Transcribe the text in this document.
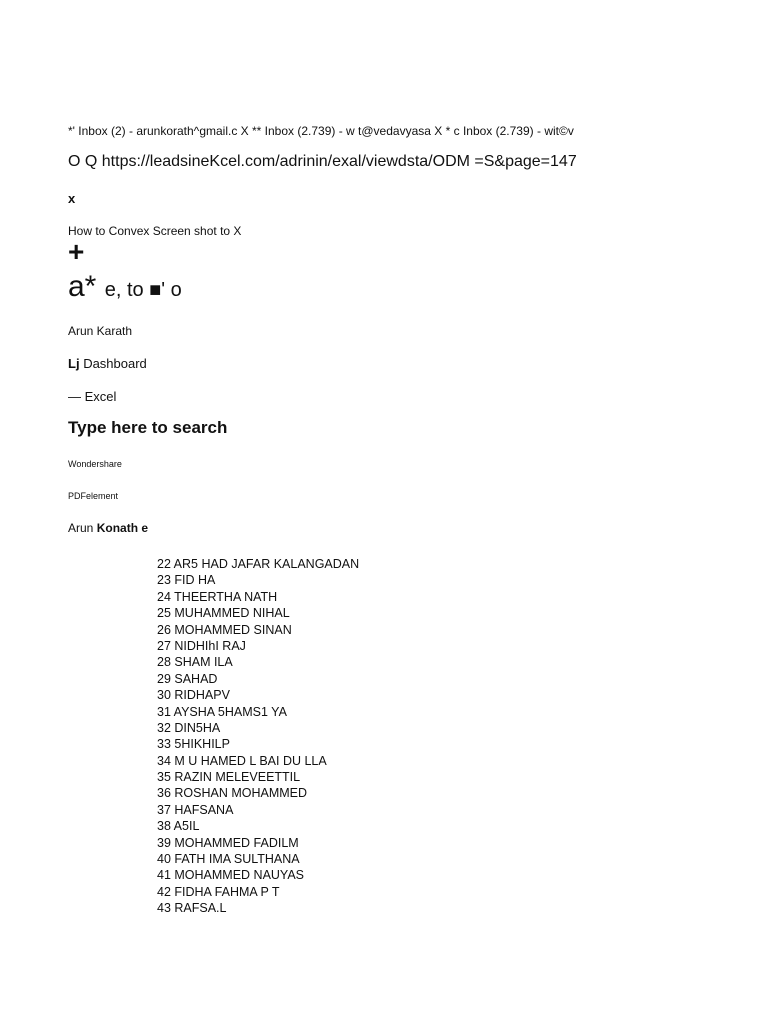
*' Inbox (2) - arunkorath^gmail.c X ** Inbox (2.739) - w t@vedavyasa X * c Inbox (2.739) - wit©v
O Q https://leadsineKcel.com/adrinin/exal/viewdsta/ODM =S&page=147
x
How to Convex Screen shot to X
+
a* e, to ■' o
Arun Karath
Lj Dashboard
— Excel
Type here to search
Wondershare
PDFelement
Arun Konath e
22 AR5 HAD JAFAR KALANGADAN
23 FID HA
24 THEERTHA NATH
25 MUHAMMED NIHAL
26 MOHAMMED SINAN
27 NIDHIhI RAJ
28 SHAM ILA
29 SAHAD
30 RIDHAPV
31 AYSHA 5HAMS1 YA
32 DIN5HA
33 5HIKHILP
34 M U HAMED L BAI DU LLA
35 RAZIN MELEVEETTIL
36 ROSHAN MOHAMMED
37 HAFSANA
38 A5IL
39 MOHAMMED FADILM
40 FATH IMA SULTHANA
41 MOHAMMED NAUYAS
42 FIDHA FAHMA P T
43 RAFSA.L
